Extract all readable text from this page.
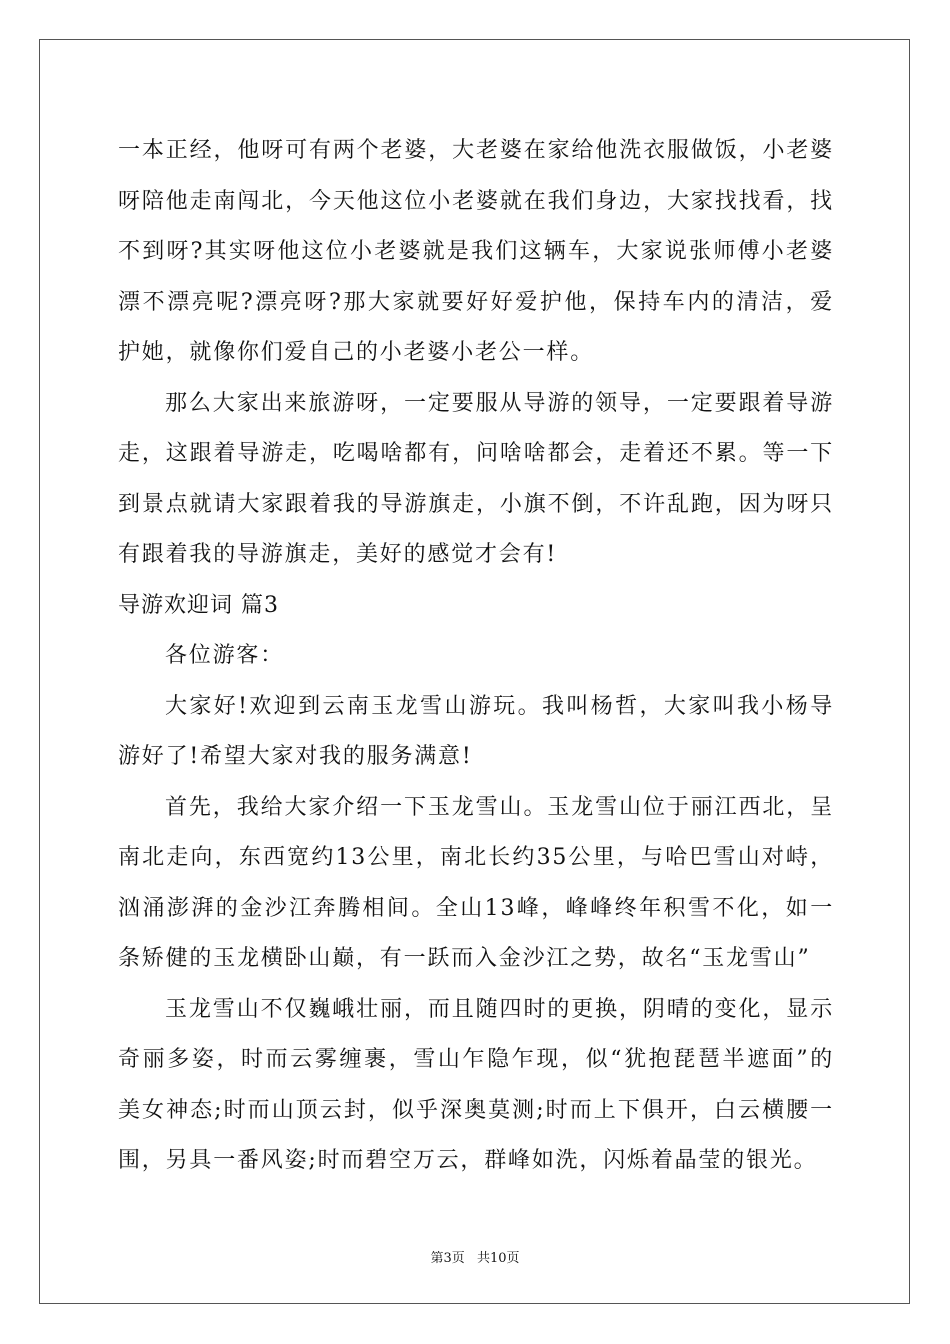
一本正经，他呀可有两个老婆，大老婆在家给他洗衣服做饭，小老婆呀陪他走南闯北，今天他这位小老婆就在我们身边，大家找找看，找不到呀?其实呀他这位小老婆就是我们这辆车，大家说张师傅小老婆漂不漂亮呢?漂亮呀?那大家就要好好爱护他，保持车内的清洁，爱护她，就像你们爱自己的小老婆小老公一样。

那么大家出来旅游呀，一定要服从导游的领导，一定要跟着导游走，这跟着导游走，吃喝啥都有，问啥啥都会，走着还不累。等一下到景点就请大家跟着我的导游旗走，小旗不倒，不许乱跑，因为呀只有跟着我的导游旗走，美好的感觉才会有!

导游欢迎词 篇3

各位游客：

大家好!欢迎到云南玉龙雪山游玩。我叫杨哲，大家叫我小杨导游好了!希望大家对我的服务满意!

首先，我给大家介绍一下玉龙雪山。玉龙雪山位于丽江西北，呈南北走向，东西宽约13公里，南北长约35公里，与哈巴雪山对峙，汹涌澎湃的金沙江奔腾相间。全山13峰，峰峰终年积雪不化，如一条矫健的玉龙横卧山巅，有一跃而入金沙江之势，故名“玉龙雪山”

玉龙雪山不仅巍峨壮丽，而且随四时的更换，阴晴的变化，显示奇丽多姿，时而云雾缠裹，雪山乍隐乍现，似“犹抱琵琶半遮面”的美女神态;时而山顶云封，似乎深奥莫测;时而上下俱开，白云横腰一围，另具一番风姿;时而碧空万云，群峰如洗，闪烁着晶莹的银光。

第3页 共10页
